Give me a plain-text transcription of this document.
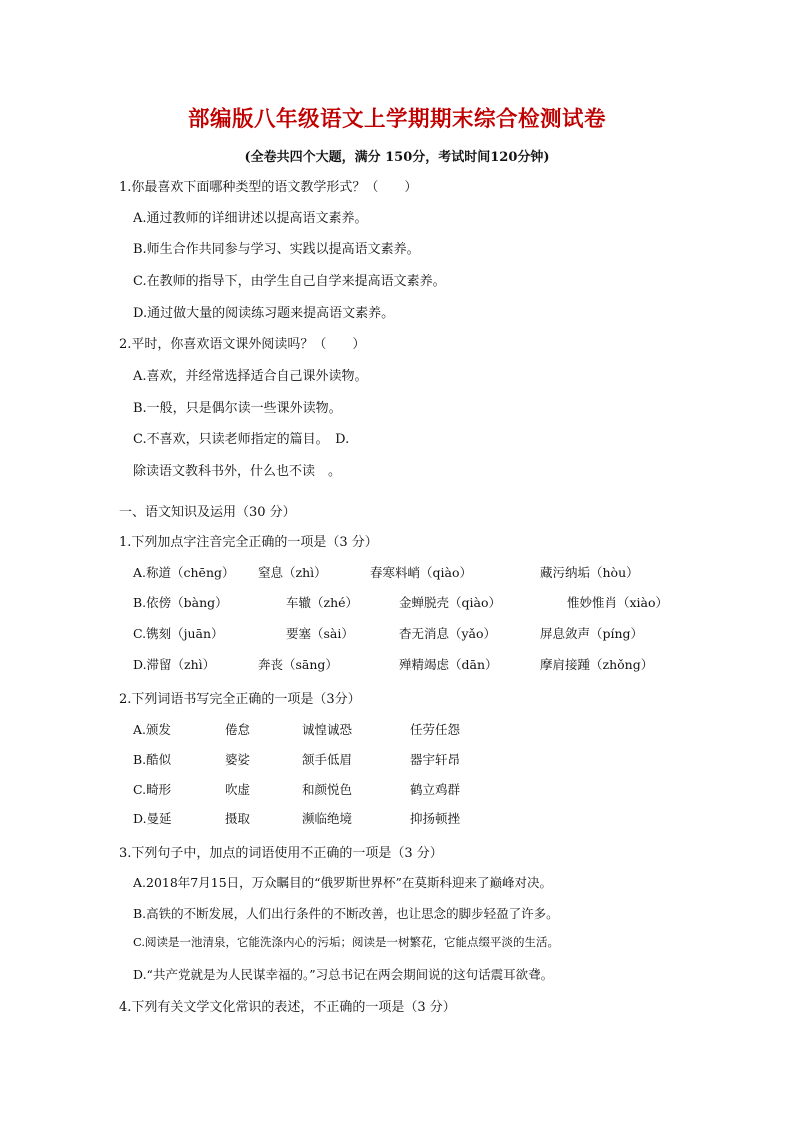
部编版八年级语文上学期期末综合检测试卷
(全卷共四个大题，满分 150分，考试时间120分钟)
1.你最喜欢下面哪种类型的语文教学形式？（　　）
A.通过教师的详细讲述以提高语文素养。
B.师生合作共同参与学习、实践以提高语文素养。
C.在教师的指导下，由学生自己自学来提高语文素养。
D.通过做大量的阅读练习题来提高语文素养。
2.平时，你喜欢语文课外阅读吗？（　　）
A.喜欢，并经常选择适合自己课外读物。
B.一般，只是偶尔读一些课外读物。
C.不喜欢，只读老师指定的篇目。　D.
除读语文教科书外，什么也不读　。
一、语文知识及运用（30 分）
1.下列加点字注音完全正确的一项是（3 分）
A.称道（chēng） 窒息（zhì）	春寒料峭（qiào）	藏污纳垢（hòu）
B.依傍（bàng）	车辙（zhé）	金蝉脱壳（qiào）	惟妙惟肖（xiào）
C.镌刻（juān）	要塞（sài）	杳无消息（yǎo）	屏息敛声（píng）
D.滞留（zhì）	奔丧（sāng）	殚精竭虑（dān）	摩肩接踵（zhǒng）
2.下列词语书写完全正确的一项是（3分）
A.颁发	倦怠	诚惶诚恐	任劳任怨
B.酷似	婆娑	颔手低眉	器宇轩昂
C.畸形	吹虚	和颜悦色	鹤立鸡群
D.曼延	摄取	濒临绝境	抑扬顿挫
3.下列句子中，加点的词语使用不正确的一项是（3 分）
A.2018年7月15日，万众瞩目的“俄罗斯世界杯”在莫斯科迎来了巅峰对决。
B.高铁的不断发展，人们出行条件的不断改善，也让思念的脚步轻盈了许多。
C.阅读是一池清泉，它能洗涤内心的污垢；阅读是一树繁花，它能点缀平淡的生活。
D.“共产党就是为人民谋幸福的。”习总书记在两会期间说的这句话震耳欲聋。
4.下列有关文学文化常识的表述，不正确的一项是（3 分）
